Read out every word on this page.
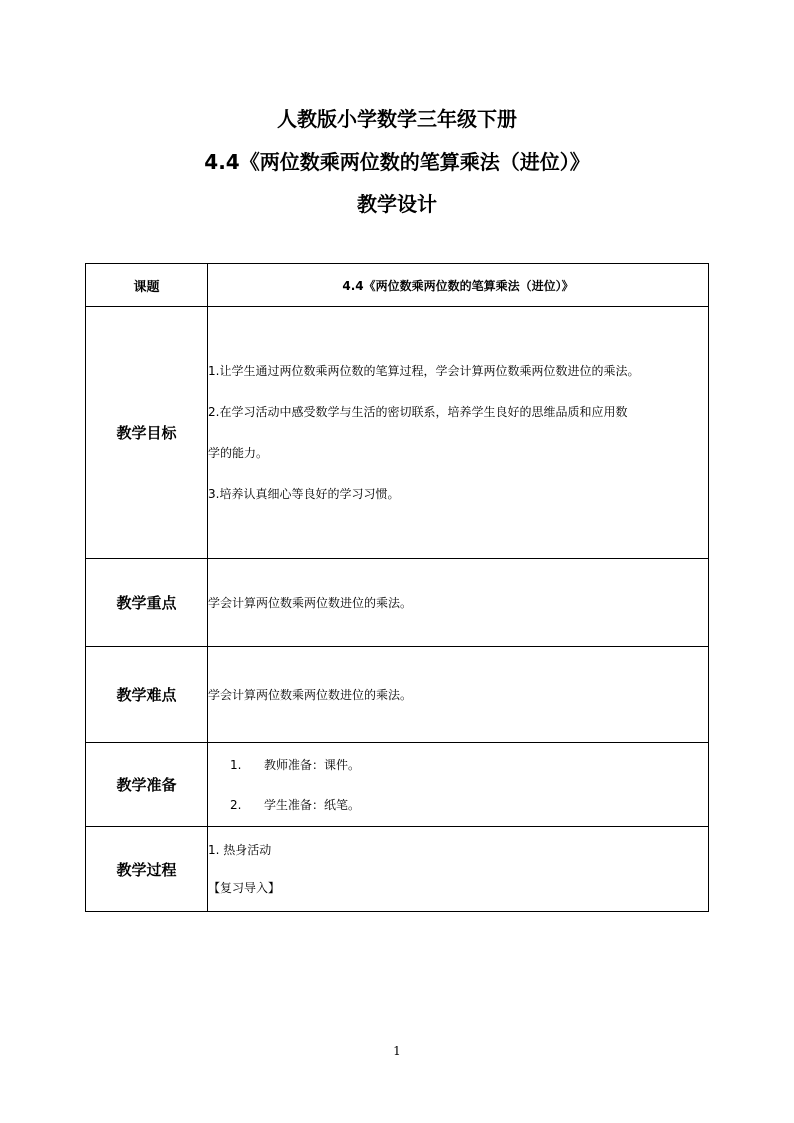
人教版小学数学三年级下册
4.4《两位数乘两位数的笔算乘法（进位）》
教学设计
课题	4.4《两位数乘两位数的笔算乘法（进位）》
教学目标	1.让学生通过两位数乘两位数的笔算过程，学会计算两位数乘两位数进位的乘法。

2.在学习活动中感受数学与生活的密切联系，培养学生良好的思维品质和应用数

学的能力。

3.培养认真细心等良好的学习习惯。

教学重点	学会计算两位数乘两位数进位的乘法。
教学难点	学会计算两位数乘两位数进位的乘法。
教学准备	1. 教师准备：课件。
2. 学生准备：纸笔。

教学过程	1. 热身活动

【复习导入】

1
